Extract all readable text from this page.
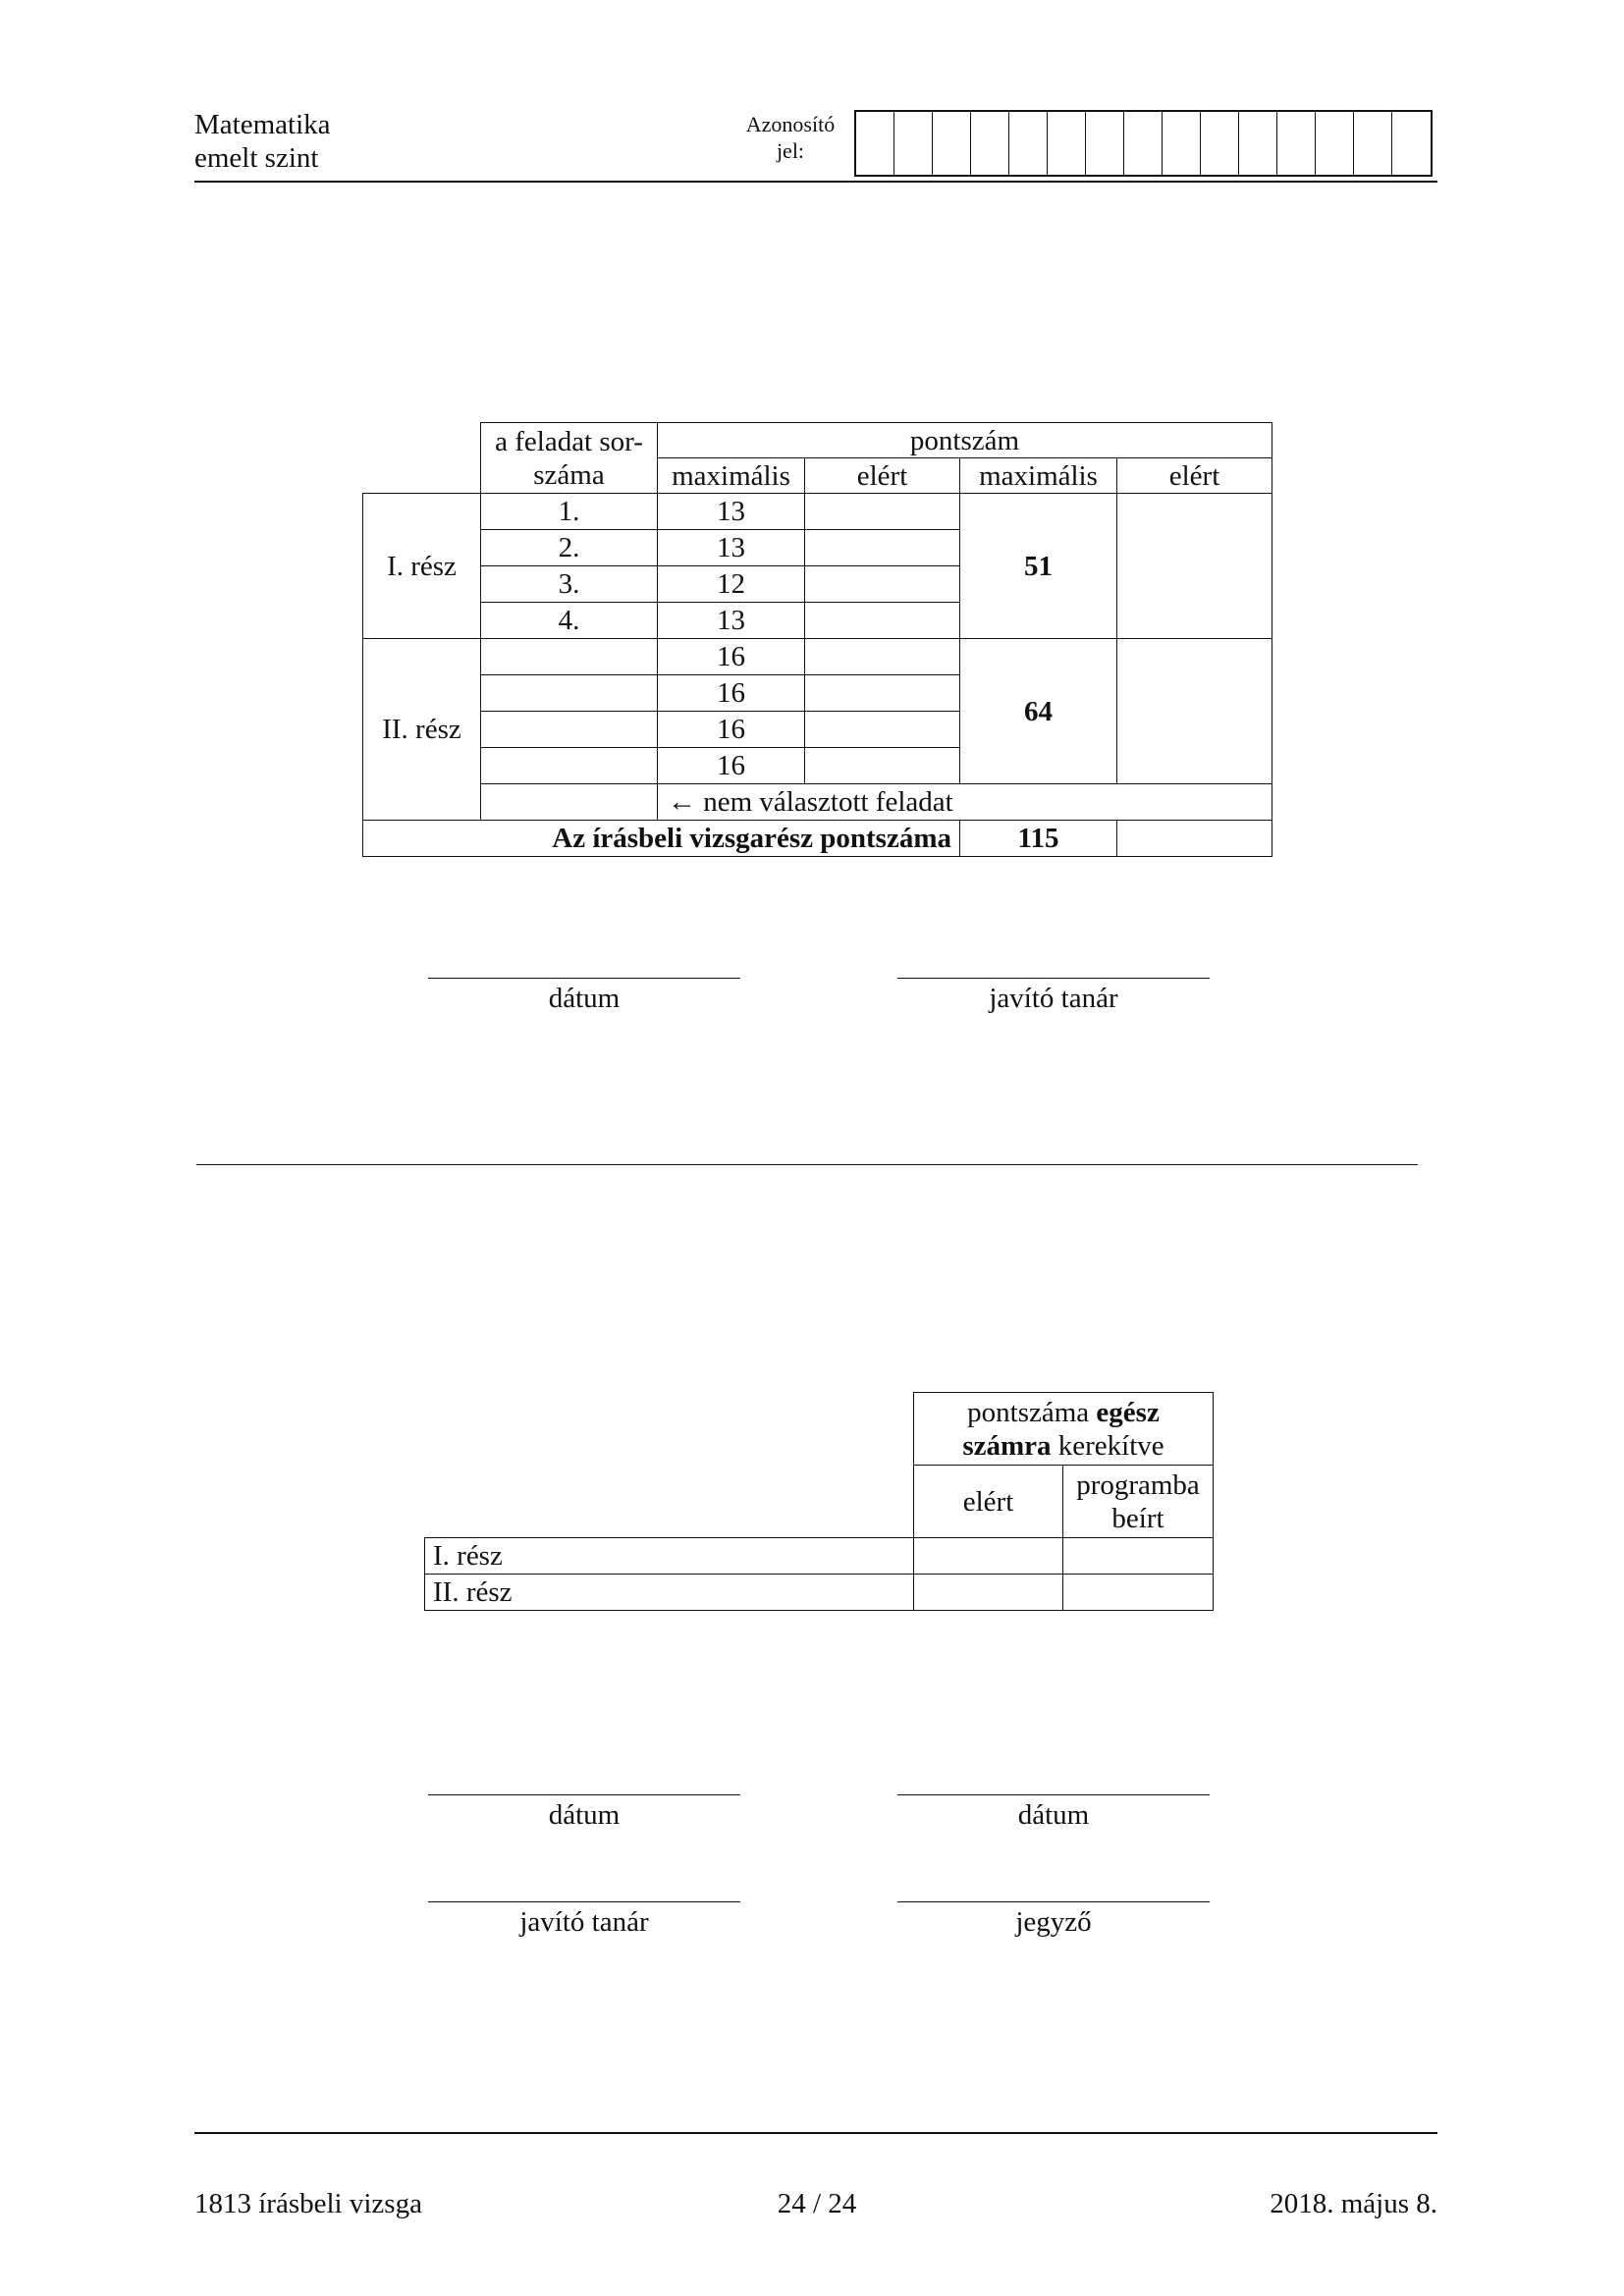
Matematika
emelt szint
Azonosító
jel:

	a feladat sor-
száma	pontszám			
		maximális	elért	maximális	elért
I. rész	1.	13		51	
	2.	13			
	3.	12			
	4.	13			
II. rész		16		64	
		16			
		16			
		16			
		← nem választott feladat			
Az írásbeli vizsgarész pontszáma				115	
dátum	javító tanár

	pontszáma egész
számra kerekítve	

	elért	programba
beírt

I. rész		
II. rész		
dátum	dátum
javító tanár	jegyző
1813 írásbeli vizsga	24 / 24	2018. május 8.
